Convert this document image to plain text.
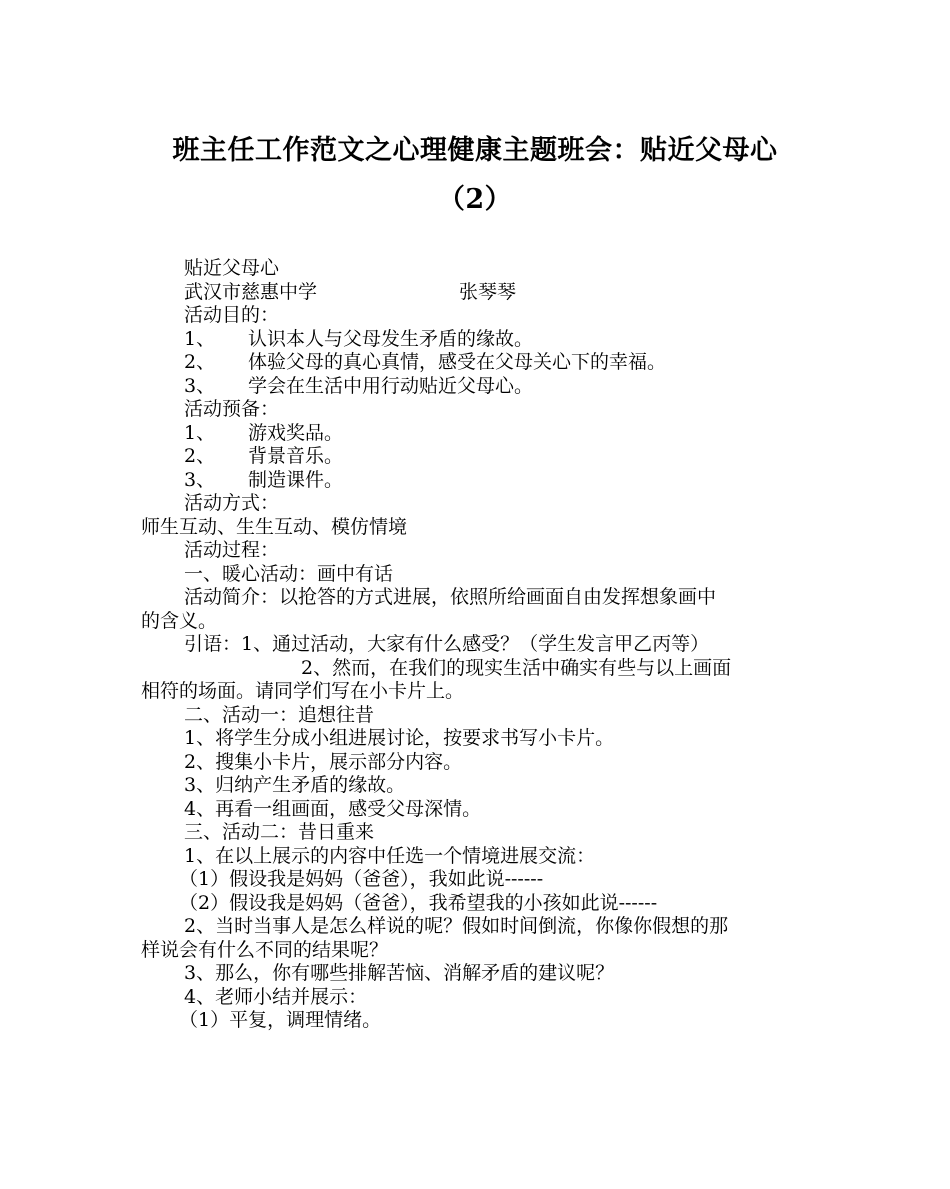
班主任工作范文之心理健康主题班会：贴近父母心
（2）
贴近父母心
武汉市慈惠中学	张琴琴
活动目的：
1、 认识本人与父母发生矛盾的缘故。
2、 体验父母的真心真情，感受在父母关心下的幸福。
3、 学会在生活中用行动贴近父母心。
活动预备：
1、 游戏奖品。
2、 背景音乐。
3、 制造课件。
活动方式：
师生互动、生生互动、模仿情境
活动过程：
一、暖心活动：画中有话
活动简介：以抢答的方式进展，依照所给画面自由发挥想象画中
的含义。
引语：1、通过活动，大家有什么感受？（学生发言甲乙丙等）
2、然而，在我们的现实生活中确实有些与以上画面
相符的场面。请同学们写在小卡片上。
二、活动一：追想往昔
1、将学生分成小组进展讨论，按要求书写小卡片。
2、搜集小卡片，展示部分内容。
3、归纳产生矛盾的缘故。
4、再看一组画面，感受父母深情。
三、活动二：昔日重来
1、在以上展示的内容中任选一个情境进展交流：
（1）假设我是妈妈（爸爸），我如此说------
（2）假设我是妈妈（爸爸），我希望我的小孩如此说------
2、当时当事人是怎么样说的呢？假如时间倒流，你像你假想的那
样说会有什么不同的结果呢？
3、那么，你有哪些排解苦恼、消解矛盾的建议呢？
4、老师小结并展示：
（1）平复，调理情绪。
